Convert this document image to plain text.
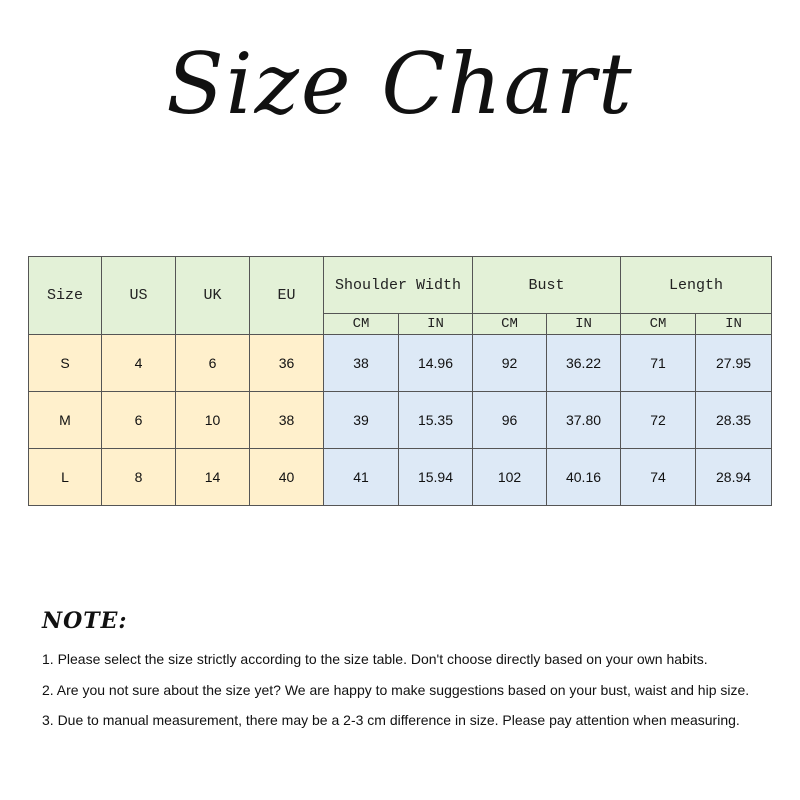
Size Chart
Size	US	UK	EU	Shoulder Width		Bust		Length	
				CM	IN	CM	IN	CM	IN
S	4	6	36	38	14.96	92	36.22	71	27.95
M	6	10	38	39	15.35	96	37.80	72	28.35
L	8	14	40	41	15.94	102	40.16	74	28.94
NOTE:
1. Please select the size strictly according to the size table. Don't choose directly based on your own habits.
2. Are you not sure about the size yet? We are happy to make suggestions based on your bust, waist and hip size.
3. Due to manual measurement, there may be a 2-3 cm difference in size. Please pay attention when measuring.
